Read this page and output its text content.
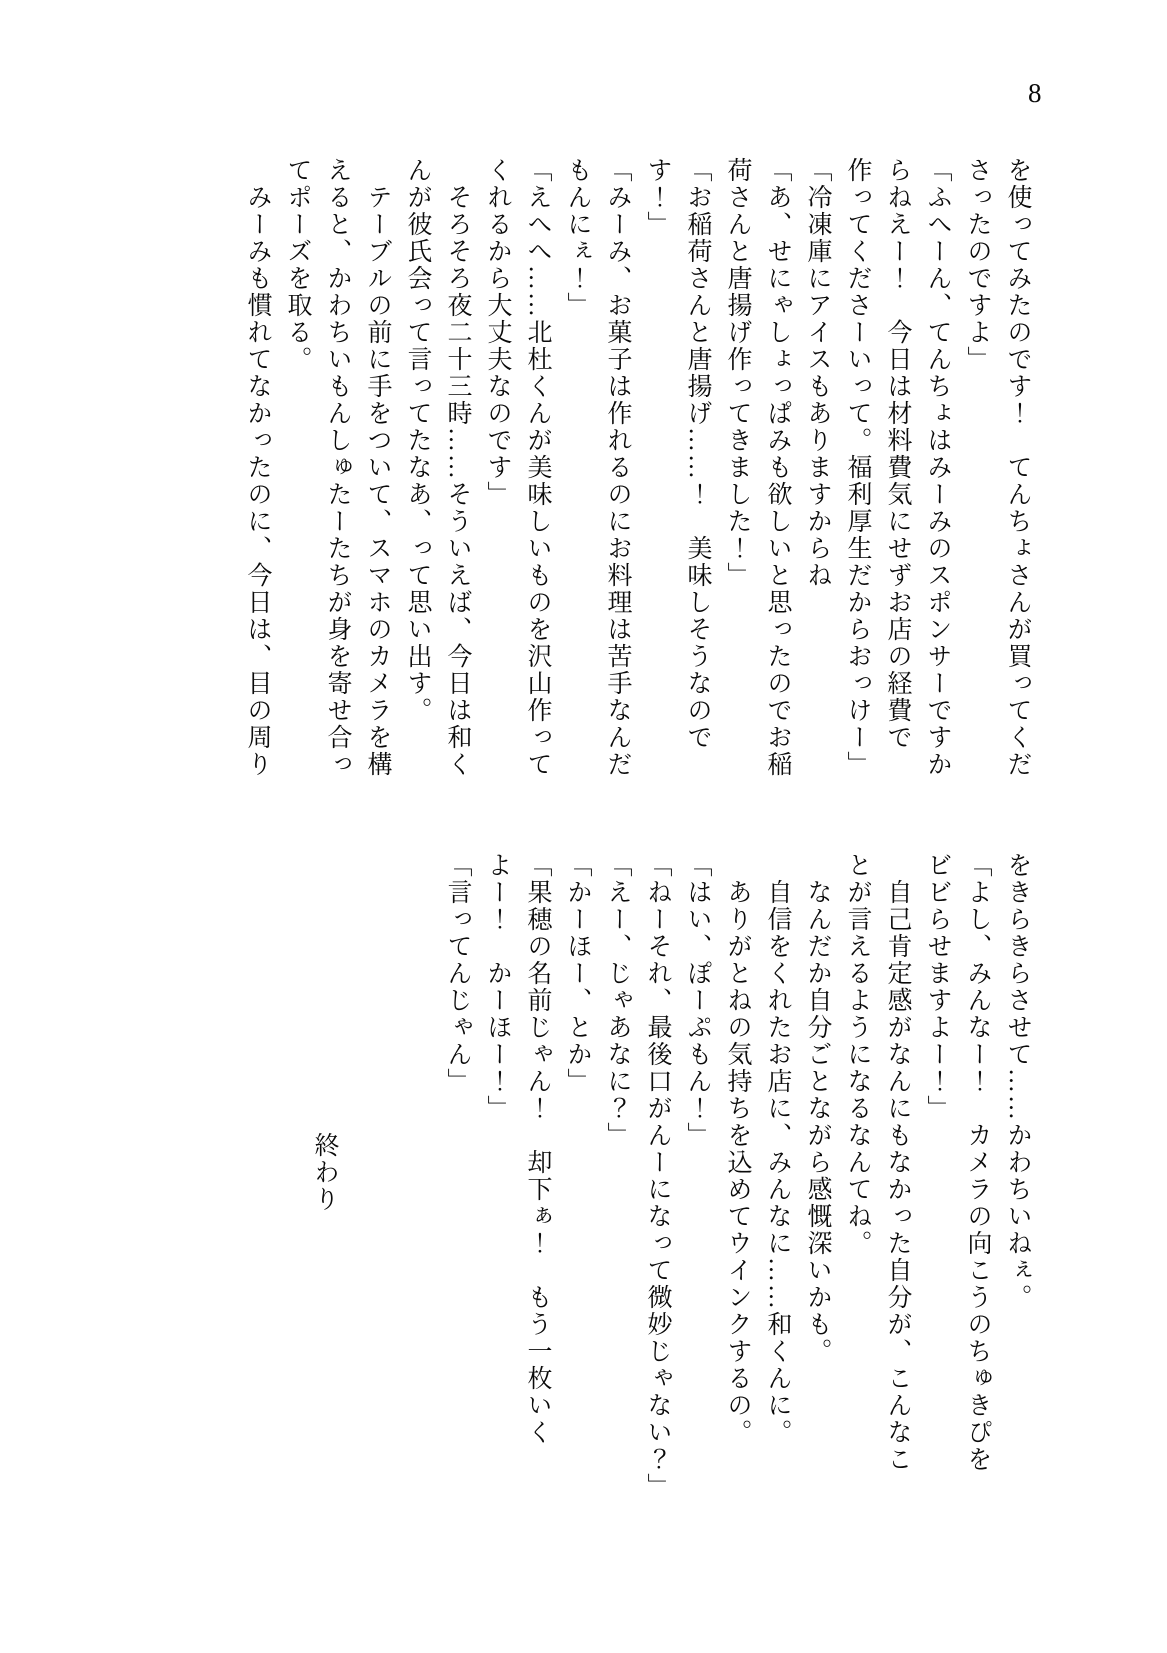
8
を使ってみたのです！　てんちょさんが買ってくだ
さったのですよ」
「ふへーん、てんちょはみーみのスポンサーですか
らねえー！　今日は材料費気にせずお店の経費で
作ってくださーいって。福利厚生だからおっけー」
「冷凍庫にアイスもありますからね
「あ、せにゃしょっぱみも欲しいと思ったのでお稲
荷さんと唐揚げ作ってきました！」
「お稲荷さんと唐揚げ……！　美味しそうなので
す！」
「みーみ、お菓子は作れるのにお料理は苦手なんだ
もんにぇ！」
「えへへ……北杜くんが美味しいものを沢山作って
くれるから大丈夫なのです」
そろそろ夜二十三時……そういえば、今日は和く
んが彼氏会って言ってたなあ、って思い出す。
テーブルの前に手をついて、スマホのカメラを構
えると、かわちいもんしゅたーたちが身を寄せ合っ
てポーズを取る。
みーみも慣れてなかったのに、今日は、目の周り
をきらきらさせて……かわちいねぇ。
「よし、みんなー！　カメラの向こうのちゅきぴを
ビビらせますよー！」
自己肯定感がなんにもなかった自分が、こんなこ
とが言えるようになるなんてね。
なんだか自分ごとながら感慨深いかも。
自信をくれたお店に、みんなに……和くんに。
ありがとねの気持ちを込めてウインクするの。
「はい、ぽーぷもん！」
「ねーそれ、最後口がんーになって微妙じゃない？」
「えー、じゃあなに？」
「かーほー、とか」
「果穂の名前じゃん！　却下ぁ！　もう一枚いく
よー！　かーほー！」
「言ってんじゃん」
終わり
